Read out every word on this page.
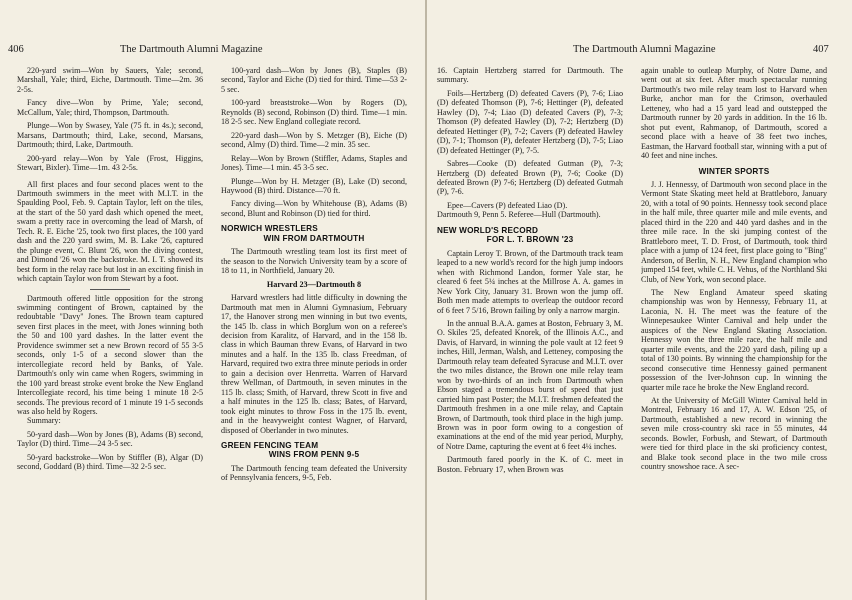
406	The Dartmouth Alumni Magazine

220-yard swim—Won by Sauers, Yale; second, Marshall, Yale; third, Eiche, Dartmouth. Time—2m. 36 2-5s.

Fancy dive—Won by Prime, Yale; second, McCallum, Yale; third, Thompson, Dartmouth.

Plunge—Won by Swasey, Yale (75 ft. in 4s.); second, Marsans, Dartmouth; third, Lake, second, Marsans, Dartmouth; third, Lake, Dartmouth.

200-yard relay—Won by Yale (Frost, Higgins, Stewart, Bixler). Time—1m. 43 2-5s.

All first places and four second places went to the Dartmouth swimmers in the meet with M.I.T. in the Spaulding Pool, Feb. 9. Captain Taylor, left on the tiles, at the start of the 50 yard dash which opened the meet, swam a pretty race in overcoming the lead of Marsh, of Tech. R. E. Eiche '25, took two first places, the 100 yard dash and the 220 yard swim, M. B. Lake '26, captured the plunge event, C. Blunt '26, won the diving contest, and Dimond '26 won the backstroke. M. I. T. showed its best form in the relay race but lost in an exciting finish in which captain Taylor won from Stewart by a foot.

Dartmouth offered little opposition for the strong swimming contingent of Brown, captained by the redoubtable "Davy" Jones. The Brown team captured seven first places in the meet, with Jones winning both the 50 and 100 yard dashes. In the latter event the Providence swimmer set a new Brown record of 55 3-5 seconds, only 1-5 of a second slower than the intercollegiate record held by Banks, of Yale. Dartmouth's only win came when Rogers, swimming in the 100 yard breast stroke event broke the New England Intercollegiate record, his time being 1 minute 18 2-5 seconds. The previous record of 1 minute 19 1-5 seconds was also held by Rogers.

Summary:

50-yard dash—Won by Jones (B), Adams (B) second, Taylor (D) third. Time—24 3-5 sec.

50-yard backstroke—Won by Stiffler (B), Algar (D) second, Goddard (B) third. Time—32 2-5 sec.

100-yard dash—Won by Jones (B), Staples (B) second, Taylor and Eiche (D) tied for third. Time—53 2-5 sec.

100-yard breaststroke—Won by Rogers (D), Reynolds (B) second, Robinson (D) third. Time—1 min. 18 2-5 sec. New England collegiate record.

220-yard dash—Won by S. Metzger (B), Eiche (D) second, Almy (D) third. Time—2 min. 35 sec.

Relay—Won by Brown (Stiffler, Adams, Staples and Jones). Time—1 min. 45 3-5 sec.

Plunge—Won by H. Metzger (B), Lake (D) second, Haywood (B) third. Distance—70 ft.

Fancy diving—Won by Whitehouse (B), Adams (B) second, Blunt and Robinson (D) tied for third.

NORWICH WRESTLERS
WIN FROM DARTMOUTH

The Dartmouth wrestling team lost its first meet of the season to the Norwich University team by a score of 18 to 11, in Northfield, January 20.

Harvard 23—Dartmouth 8

Harvard wrestlers had little difficulty in downing the Dartmouth mat men in Alumni Gymnasium, February 17, the Hanover strong men winning in but two events, the 145 lb. class in which Borglum won on a referee's decision from Karalitz, of Harvard, and in the 158 lb. class in which Bauman threw Evans, of Harvard in two minutes and a half. In the 135 lb. class Freedman, of Harvard, required two extra three minute periods in order to gain a decision over Henrretta. Warren of Harvard threw Wellman, of Dartmouth, in seven minutes in the 115 lb. class; Smith, of Harvard, threw Scott in five and a half minutes in the 125 lb. class; Bates, of Harvard, took eight minutes to throw Foss in the 175 lb. event, and in the heavyweight contest Wagner, of Harvard, disposed of Oberlander in two minutes.

GREEN FENCING TEAM
WINS FROM PENN 9-5

The Dartmouth fencing team defeated the University of Pennsylvania fencers, 9-5, Feb.

The Dartmouth Alumni Magazine	407

16. Captain Hertzberg starred for Dartmouth. The summary.

Foils—Hertzberg (D) defeated Cavers (P), 7-6; Liao (D) defeated Thomson (P), 7-6; Hettinger (P), defeated Hawley (D), 7-4; Liao (D) defeated Cavers (P), 7-3; Thomson (P) defeated Hawley (D), 7-2; Hertzberg (D) defeated Hettinger (P), 7-2; Cavers (P) defeated Hawley (D), 7-1; Thomson (P), defeater Hertzberg (D), 7-5; Liao (D) defeated Hettinger (P), 7-5.

Sabres—Cooke (D) defeated Gutman (P), 7-3; Hertzberg (D) defeated Brown (P), 7-6; Cooke (D) defeated Brown (P) 7-6; Hertzberg (D) defeated Gutmah (P), 7-6.

Epee—Cavers (P) defeated Liao (D).

Dartmouth 9, Penn 5. Referee—Hull (Dartmouth).

NEW WORLD'S RECORD
FOR L. T. BROWN '23

Captain Leroy T. Brown, of the Dartmouth track team leaped to a new world's record for the high jump indoors when with Richmond Landon, former Yale star, he cleared 6 feet 5¼ inches at the Millrose A. A. games in New York City, January 31. Brown won the jump off. Both men made attempts to overleap the outdoor record of 6 feet 7 5/16, Brown failing by only a narrow margin.

In the annual B.A.A. games at Boston, February 3, M. O. Skiles '25, defeated Knorek, of the Illinois A.C., and Davis, of Harvard, in winning the pole vault at 12 feet 9 inches, Hill, Jerman, Walsh, and Letteney, composing the Dartmouth relay team defeated Syracuse and M.I.T. over the two miles distance, the Brown one mile relay team won by two-thirds of an inch from Dartmouth when Ebson staged a tremendous burst of speed that just carried him past Poster; the M.I.T. freshmen defeated the Dartmouth freshmen in a one mile relay, and Captain Brown, of Dartmouth, took third place in the high jump. Brown was in poor form owing to a congestion of examinations at the end of the mid year period, Murphy, of Notre Dame, capturing the event at 6 feet 4¼ inches.

Dartmouth fared poorly in the K. of C. meet in Boston. February 17, when Brown was

again unable to outleap Murphy, of Notre Dame, and went out at six feet. After much spectacular running Dartmouth's two mile relay team lost to Harvard when Burke, anchor man for the Crimson, overhauled Letteney, who had a 15 yard lead and outstepped the Dartmouth runner by 20 yards in addition. In the 16 lb. shot put event, Rahmanop, of Dartmouth, scored a second place with a heave of 38 feet two inches, Eastman, the Harvard football star, winning with a put of 40 feet and nine inches.

WINTER SPORTS

J. J. Hennessy, of Dartmouth won second place in the Vermont State Skating meet held at Brattleboro, January 20, with a total of 90 points. Hennessy took second place in the half mile, three quarter mile and mile events, and placed third in the 220 and 440 yard dashes and in the three mile race. In the ski jumping contest of the Brattleboro meet, T. D. Frost, of Dartmouth, took third place with a jump of 124 feet, first place going to "Bing" Anderson, of Berlin, N. H., New England champion who jumped 154 feet, while C. H. Vehus, of the Northland Ski Club, of New York, won second place.

The New England Amateur speed skating championship was won by Hennessy, February 11, at Laconia, N. H. The meet was the feature of the Winnepesaukee Winter Carnival and help under the auspices of the New England Skating Association. Hennessy won the three mile race, the half mile and quarter mile events, and the 220 yard dash, piling up a total of 130 points. By winning the championship for the second consecutive time Hennessy gained permanent possession of the Iver-Johnson cup. In winning the quarter mile race he broke the New England record.

At the University of McGill Winter Carnival held in Montreal, February 16 and 17, A. W. Edson '25, of Dartmouth, established a new record in winning the seven mile cross-country ski race in 55 minutes, 44 seconds. Bowler, Forbush, and Stewart, of Dartmouth were tied for third place in the ski proficiency contest, and Blake took second place in the two mile cross country snowshoe race. A sec-
